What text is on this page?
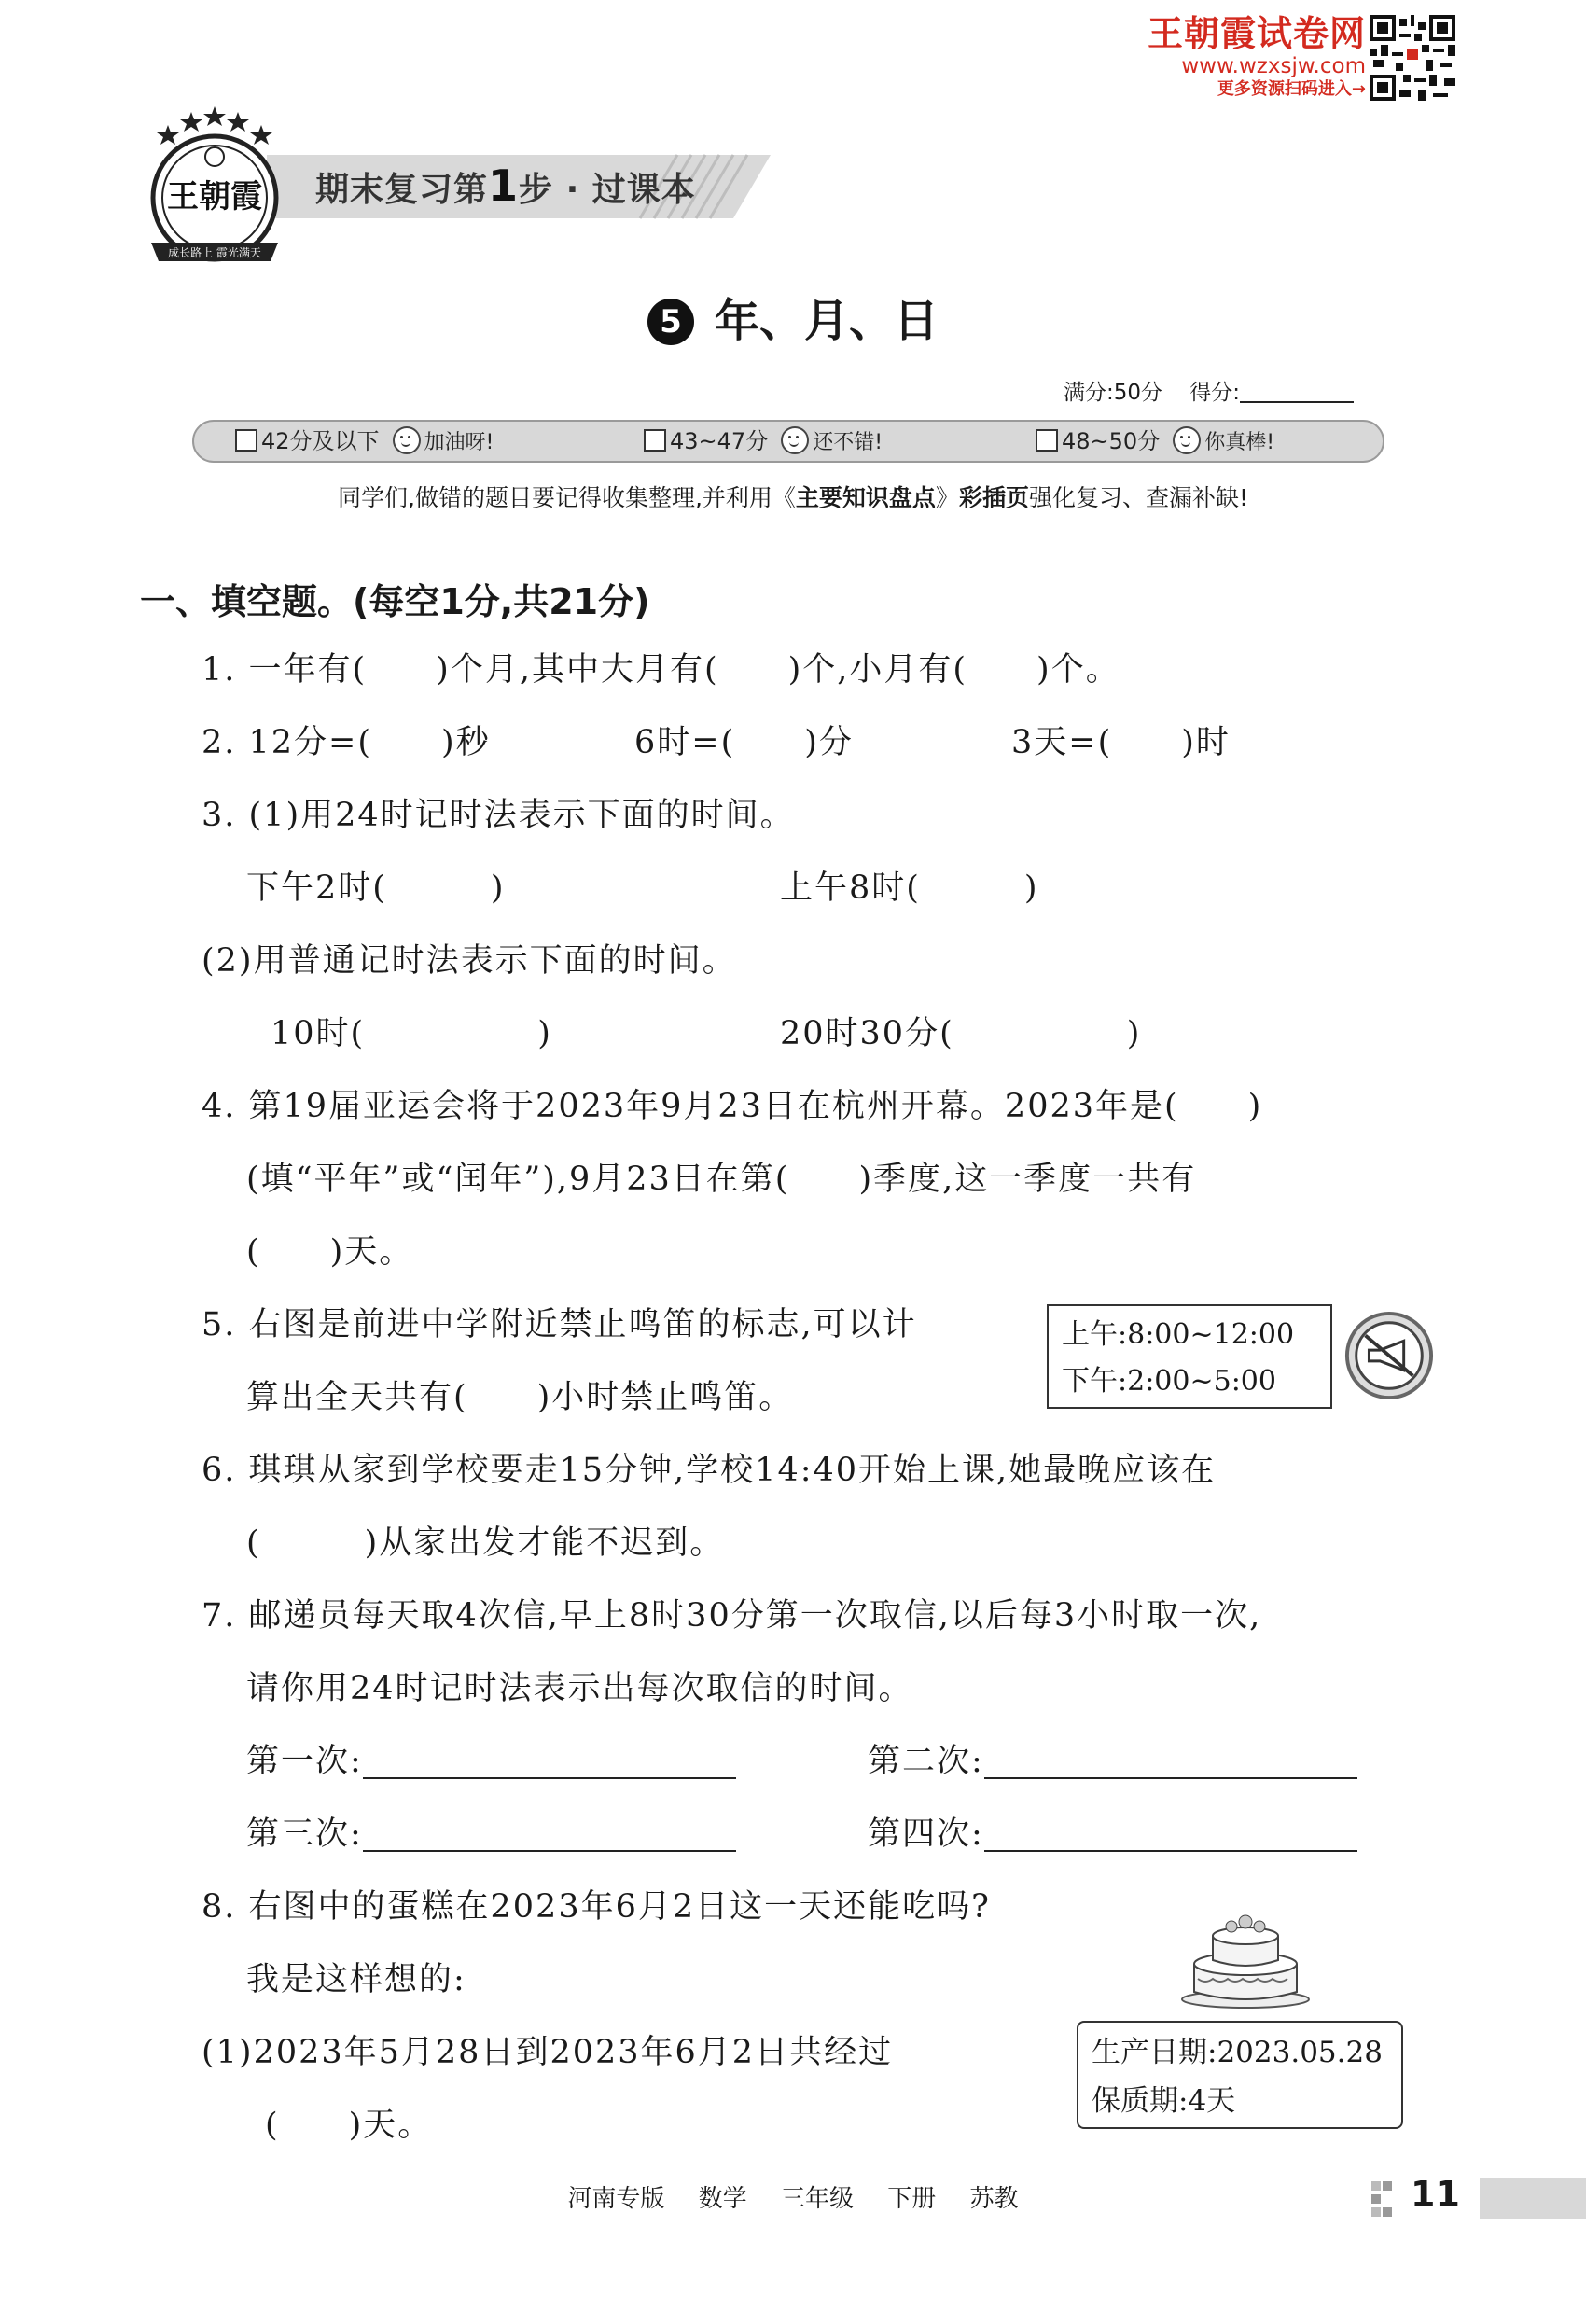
王朝霞试卷网
www.wzxsjw.com
更多资源扫码进入→
期末复习第1步 · 过课本
王朝霞
成长路上 霞光满天
5 年、月、日
满分:50分 得分:
42分及以下 加油呀!	43~47分 还不错!	48~50分 你真棒!
同学们,做错的题目要记得收集整理,并利用《主要知识盘点》彩插页强化复习、查漏补缺!
一、填空题。(每空1分,共21分)
1. 一年有(　　)个月,其中大月有(　　)个,小月有(　　)个。
2. 12分=(　　)秒	6时=(　　)分	3天=(　　)时
3. (1)用24时记时法表示下面的时间。
下午2时(　　　)	上午8时(　　　)
(2)用普通记时法表示下面的时间。
10时(　　　　　)	20时30分(　　　　　)
4. 第19届亚运会将于2023年9月23日在杭州开幕。2023年是(　　)
(填“平年”或“闰年”),9月23日在第(　　)季度,这一季度一共有
(　　)天。
5. 右图是前进中学附近禁止鸣笛的标志,可以计
算出全天共有(　　)小时禁止鸣笛。
上午:8:00~12:00
下午:2:00~5:00
6. 琪琪从家到学校要走15分钟,学校14:40开始上课,她最晚应该在
(　　　)从家出发才能不迟到。
7. 邮递员每天取4次信,早上8时30分第一次取信,以后每3小时取一次,
请你用24时记时法表示出每次取信的时间。
第一次:	第二次:
第三次:	第四次:
8. 右图中的蛋糕在2023年6月2日这一天还能吃吗?
我是这样想的:
(1)2023年5月28日到2023年6月2日共经过
(　　)天。
生产日期:2023.05.28
保质期:4天
河南专版 数学 三年级 下册 苏教	11
